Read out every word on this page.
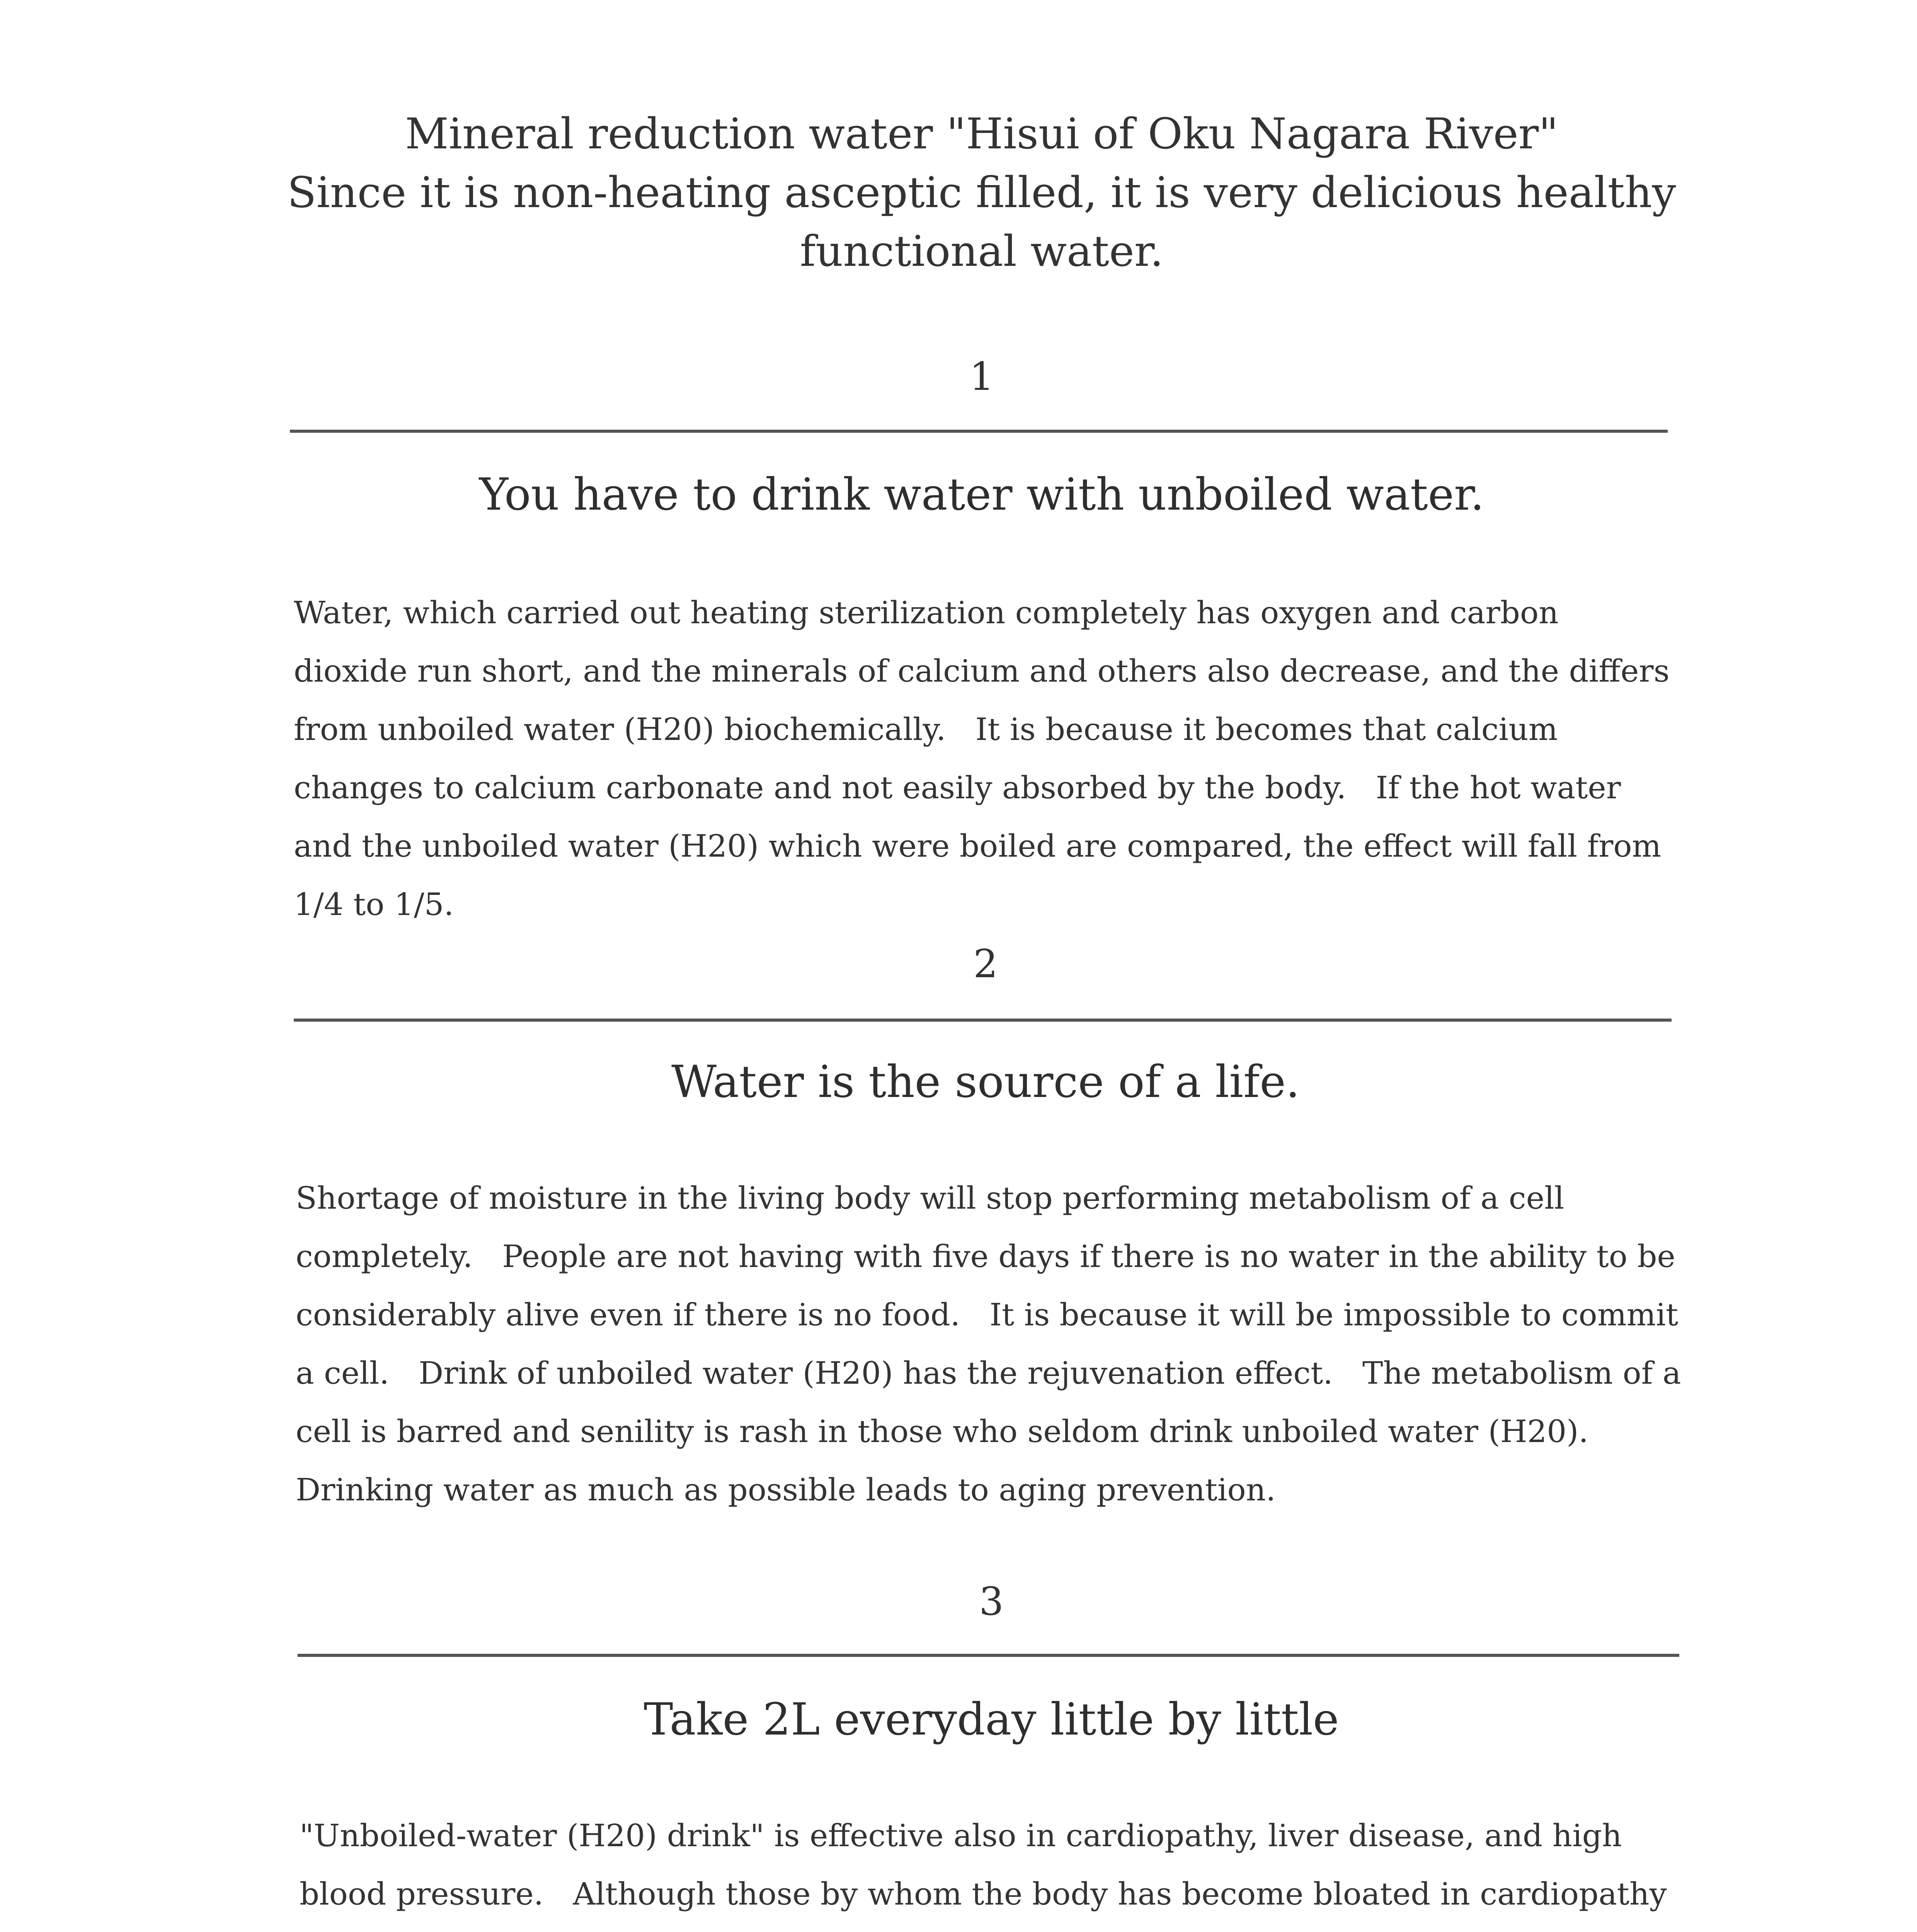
Mineral reduction water "Hisui of Oku Nagara River"
Since it is non-heating asceptic filled, it is very delicious healthy
functional water.
1
You have to drink water with unboiled water.

Water, which carried out heating sterilization completely has oxygen and carbon dioxide run short, and the minerals of calcium and others also decrease, and the differs from unboiled water (H20) biochemically.   It is because it becomes that calcium changes to calcium carbonate and not easily absorbed by the body.   If the hot water and the unboiled water (H20) which were boiled are compared, the effect will fall from 1/4 to 1/5.

2
Water is the source of a life.

Shortage of moisture in the living body will stop performing metabolism of a cell completely.   People are not having with five days if there is no water in the ability to be considerably alive even if there is no food.   It is because it will be impossible to commit a cell.   Drink of unboiled water (H20) has the rejuvenation effect.   The metabolism of a cell is barred and senility is rash in those who seldom drink unboiled water (H20). Drinking water as much as possible leads to aging prevention.

3
Take 2L everyday little by little

"Unboiled-water (H20) drink" is effective also in cardiopathy, liver disease, and high blood pressure.   Although those by whom the body has become bloated in cardiopathy
